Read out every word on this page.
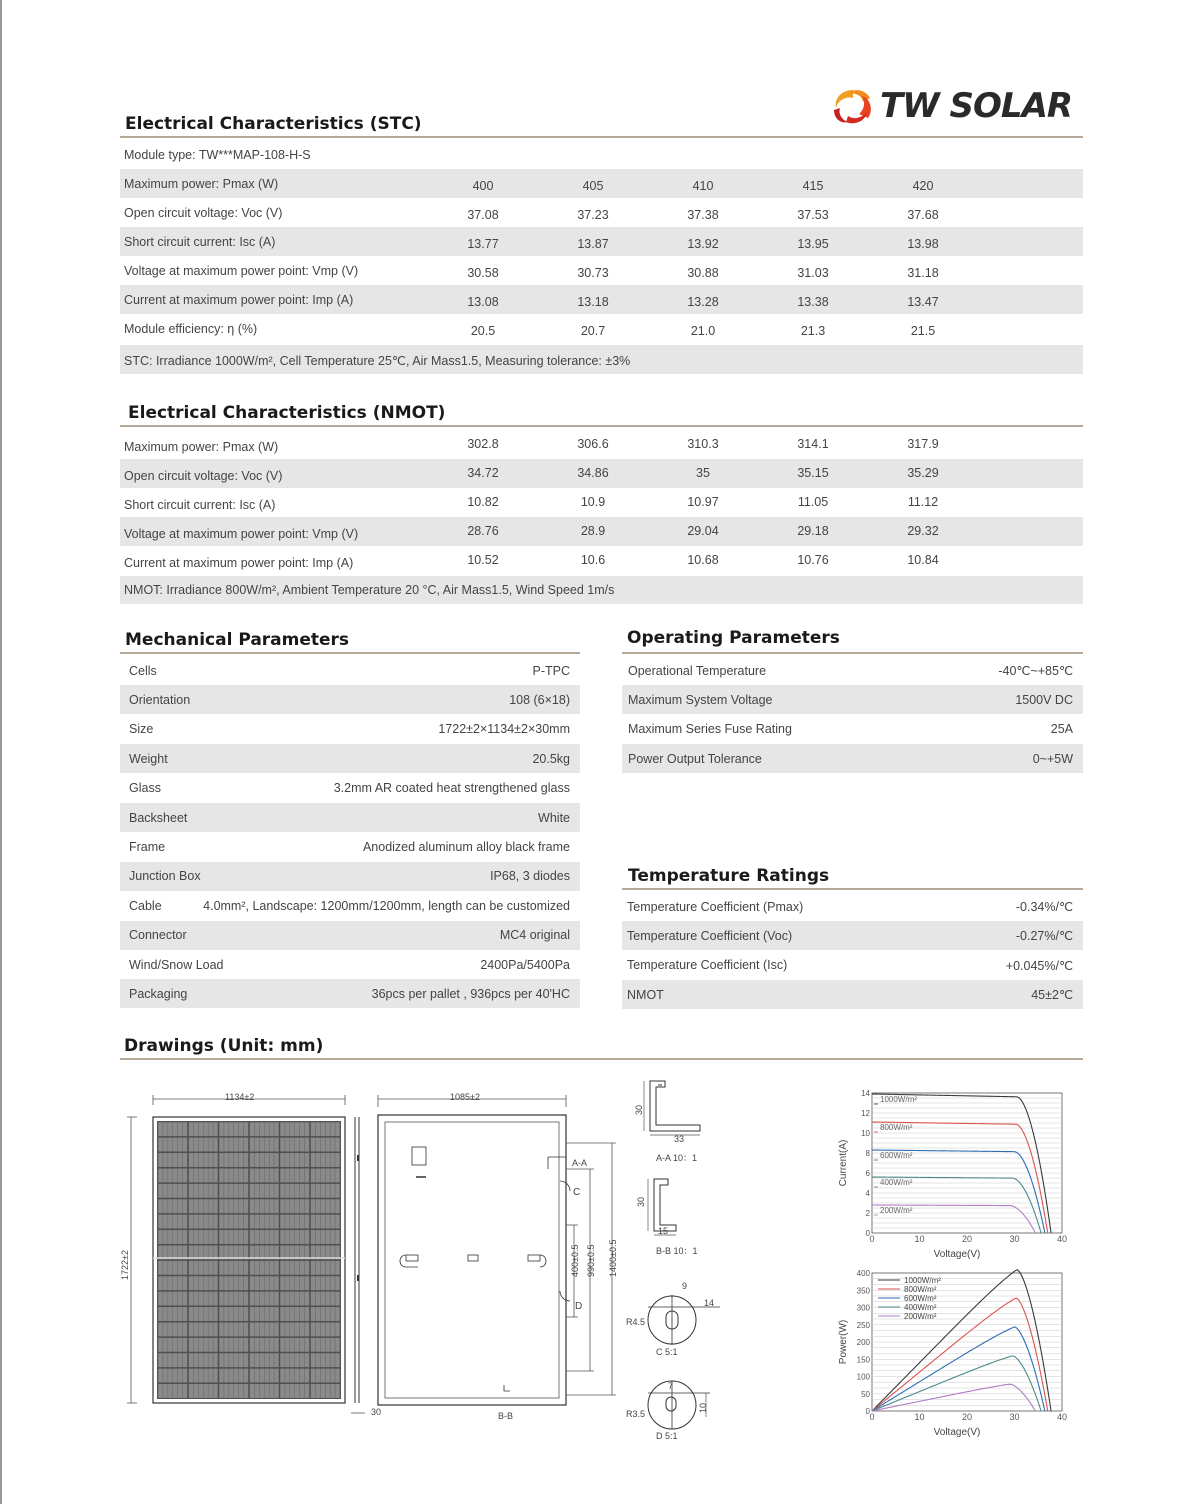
TW SOLAR
Electrical Characteristics (STC)
Module type: TW***MAP-108-H-S
Maximum power: Pmax (W)	400	405	410	415	420
Open circuit voltage: Voc (V)	37.08	37.23	37.38	37.53	37.68
Short circuit current: Isc (A)	13.77	13.87	13.92	13.95	13.98
Voltage at maximum power point: Vmp (V)	30.58	30.73	30.88	31.03	31.18
Current at maximum power point: Imp (A)	13.08	13.18	13.28	13.38	13.47
Module efficiency: η (%)	20.5	20.7	21.0	21.3	21.5
STC: Irradiance 1000W/m², Cell Temperature 25℃, Air Mass1.5, Measuring tolerance: ±3%
Electrical Characteristics (NMOT)
Maximum power: Pmax (W)	302.8	306.6	310.3	314.1	317.9
Open circuit voltage: Voc (V)	34.72	34.86	35	35.15	35.29
Short circuit current: Isc (A)	10.82	10.9	10.97	11.05	11.12
Voltage at maximum power point: Vmp (V)	28.76	28.9	29.04	29.18	29.32
Current at maximum power point: Imp (A)	10.52	10.6	10.68	10.76	10.84
NMOT: Irradiance 800W/m², Ambient Temperature 20 °C, Air Mass1.5, Wind Speed 1m/s
Mechanical Parameters
Cells	P-TPC
Orientation	108 (6×18)
Size	1722±2×1134±2×30mm
Weight	20.5kg
Glass	3.2mm AR coated heat strengthened glass
Backsheet	White
Frame	Anodized aluminum alloy black frame
Junction Box	IP68, 3 diodes
Cable	4.0mm², Landscape: 1200mm/1200mm, length can be customized
Connector	MC4 original
Wind/Snow Load	2400Pa/5400Pa
Packaging	36pcs per pallet , 936pcs per 40'HC
Operating Parameters
Operational Temperature	-40℃~+85℃
Maximum System Voltage	1500V DC
Maximum Series Fuse Rating	25A
Power Output Tolerance	0~+5W
Temperature Ratings
Temperature Coefficient (Pmax)	-0.34%/℃
Temperature Coefficient (Voc)	-0.27%/℃
Temperature Coefficient (Isc)	+0.045%/℃
NMOT	45±2℃
Drawings (Unit: mm)
1134±2
1722±2
30
1085±2
A-A
C
D
400±0.5 990±0.5 1400±0.5
B-B
30
33
A-A 10：1
30
15
B-B 10：1
9
14
R4.5
C 5:1
7
10
R3.5
D 5:1
0
2
4
6
8
10
12
14
0	10	20	30	40
Voltage(V)
Current(A)
1000W/m²
800W/m²
600W/m²
400W/m²
200W/m²
0
50
100
150
200
250
300
350
400
0	10	20	30	40
Voltage(V)
Power(W)
1000W/m²
800W/m²
600W/m²
400W/m²
200W/m²
